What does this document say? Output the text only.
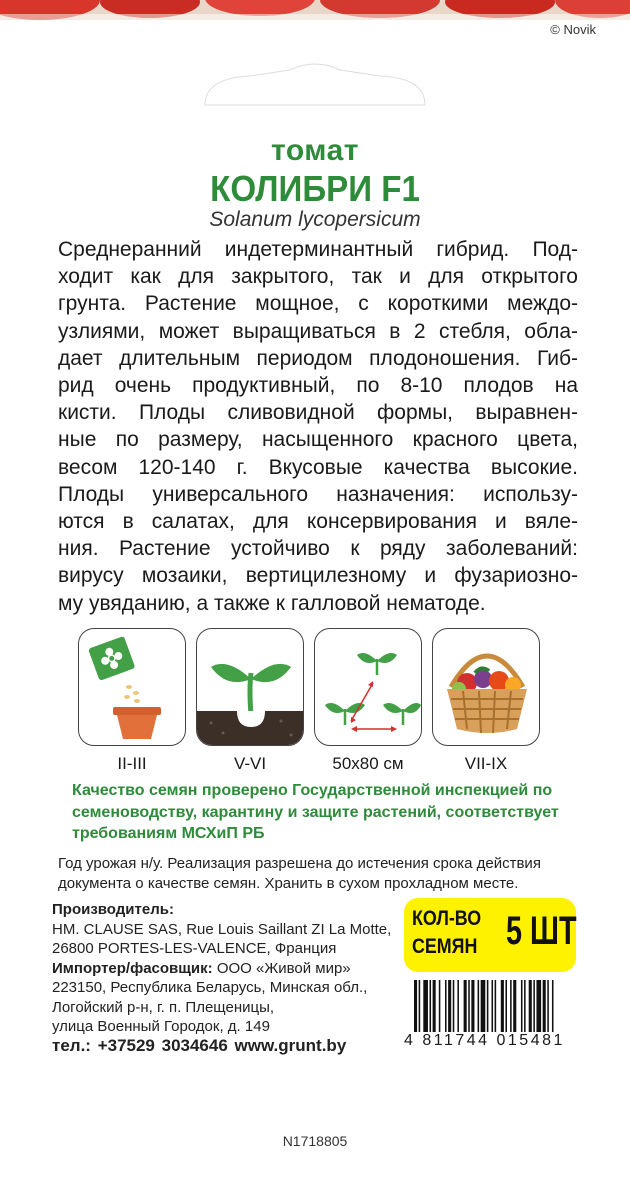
© Novik
томат
КОЛИБРИ F1
Solanum lycopersicum
Среднеранний индетерминантный гибрид. Под-
ходит как для закрытого, так и для открытого
грунта. Растение мощное, с короткими междо-
узлиями, может выращиваться в 2 стебля, обла-
дает длительным периодом плодоношения. Гиб-
рид очень продуктивный, по 8-10 плодов на
кисти. Плоды сливовидной формы, выравнен-
ные по размеру, насыщенного красного цвета,
весом 120-140 г. Вкусовые качества высокие.
Плоды универсального назначения: использу-
ются в салатах, для консервирования и вяле-
ния. Растение устойчиво к ряду заболеваний:
вирусу мозаики, вертицилезному и фузариозно-
му увяданию, а также к галловой нематоде.
II-III	V-VI	50x80 см	VII-IX
Качество семян проверено Государственной инспекцией по
семеноводству, карантину и защите растений, соответствует
требованиям МСХиП РБ
Год урожая н/у. Реализация разрешена до истечения срока действия
документа о качестве семян. Хранить в сухом прохладном месте.
Производитель:
HM. CLAUSE SAS, Rue Louis Saillant ZI La Motte,
26800 PORTES-LES-VALENCE, Франция
Импортер/фасовщик: ООО «Живой мир»
223150, Республика Беларусь, Минская обл.,
Логойский р-н, г. п. Плещеницы,
улица Военный Городок, д. 149
тел.: +37529 3034646 www.grunt.by
КОЛ-ВО
СЕМЯН 5 ШТ
4 811744 015481
N1718805
